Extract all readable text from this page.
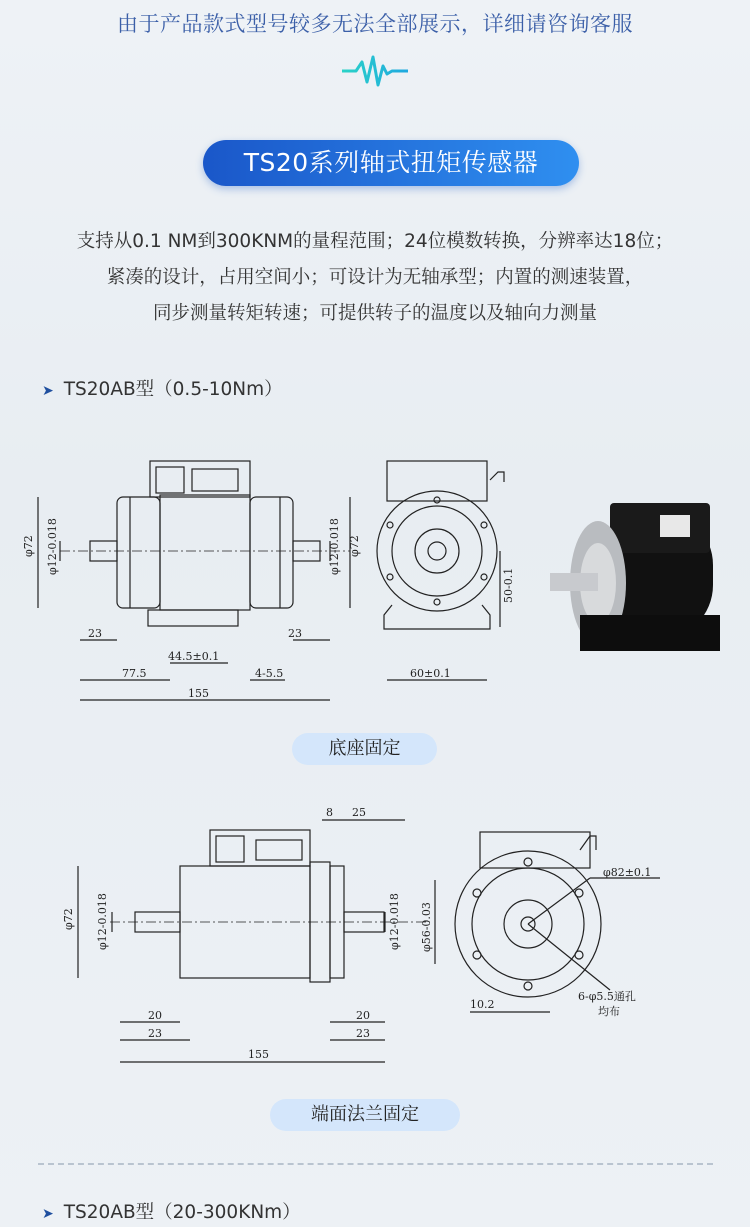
由于产品款式型号较多无法全部展示，详细请咨询客服
TS20系列轴式扭矩传感器
支持从0.1 NM到300KNM的量程范围；24位模数转换，分辨率达18位；
紧凑的设计，占用空间小；可设计为无轴承型；内置的测速装置，
同步测量转矩转速；可提供转子的温度以及轴向力测量
➤ TS20AB型（0.5-10Nm）
φ72 φ12-0.018	φ12-0.018 φ72
23	23
44.5±0.1
77.5	4-5.5
155
50-0.1
60±0.1
底座固定
φ72 φ12-0.018	φ12-0.018 φ56-0.03
8 25
20
23
20
23
155
φ82±0.1
6-φ5.5通孔
均布
10.2
端面法兰固定
➤ TS20AB型（20-300KNm）
